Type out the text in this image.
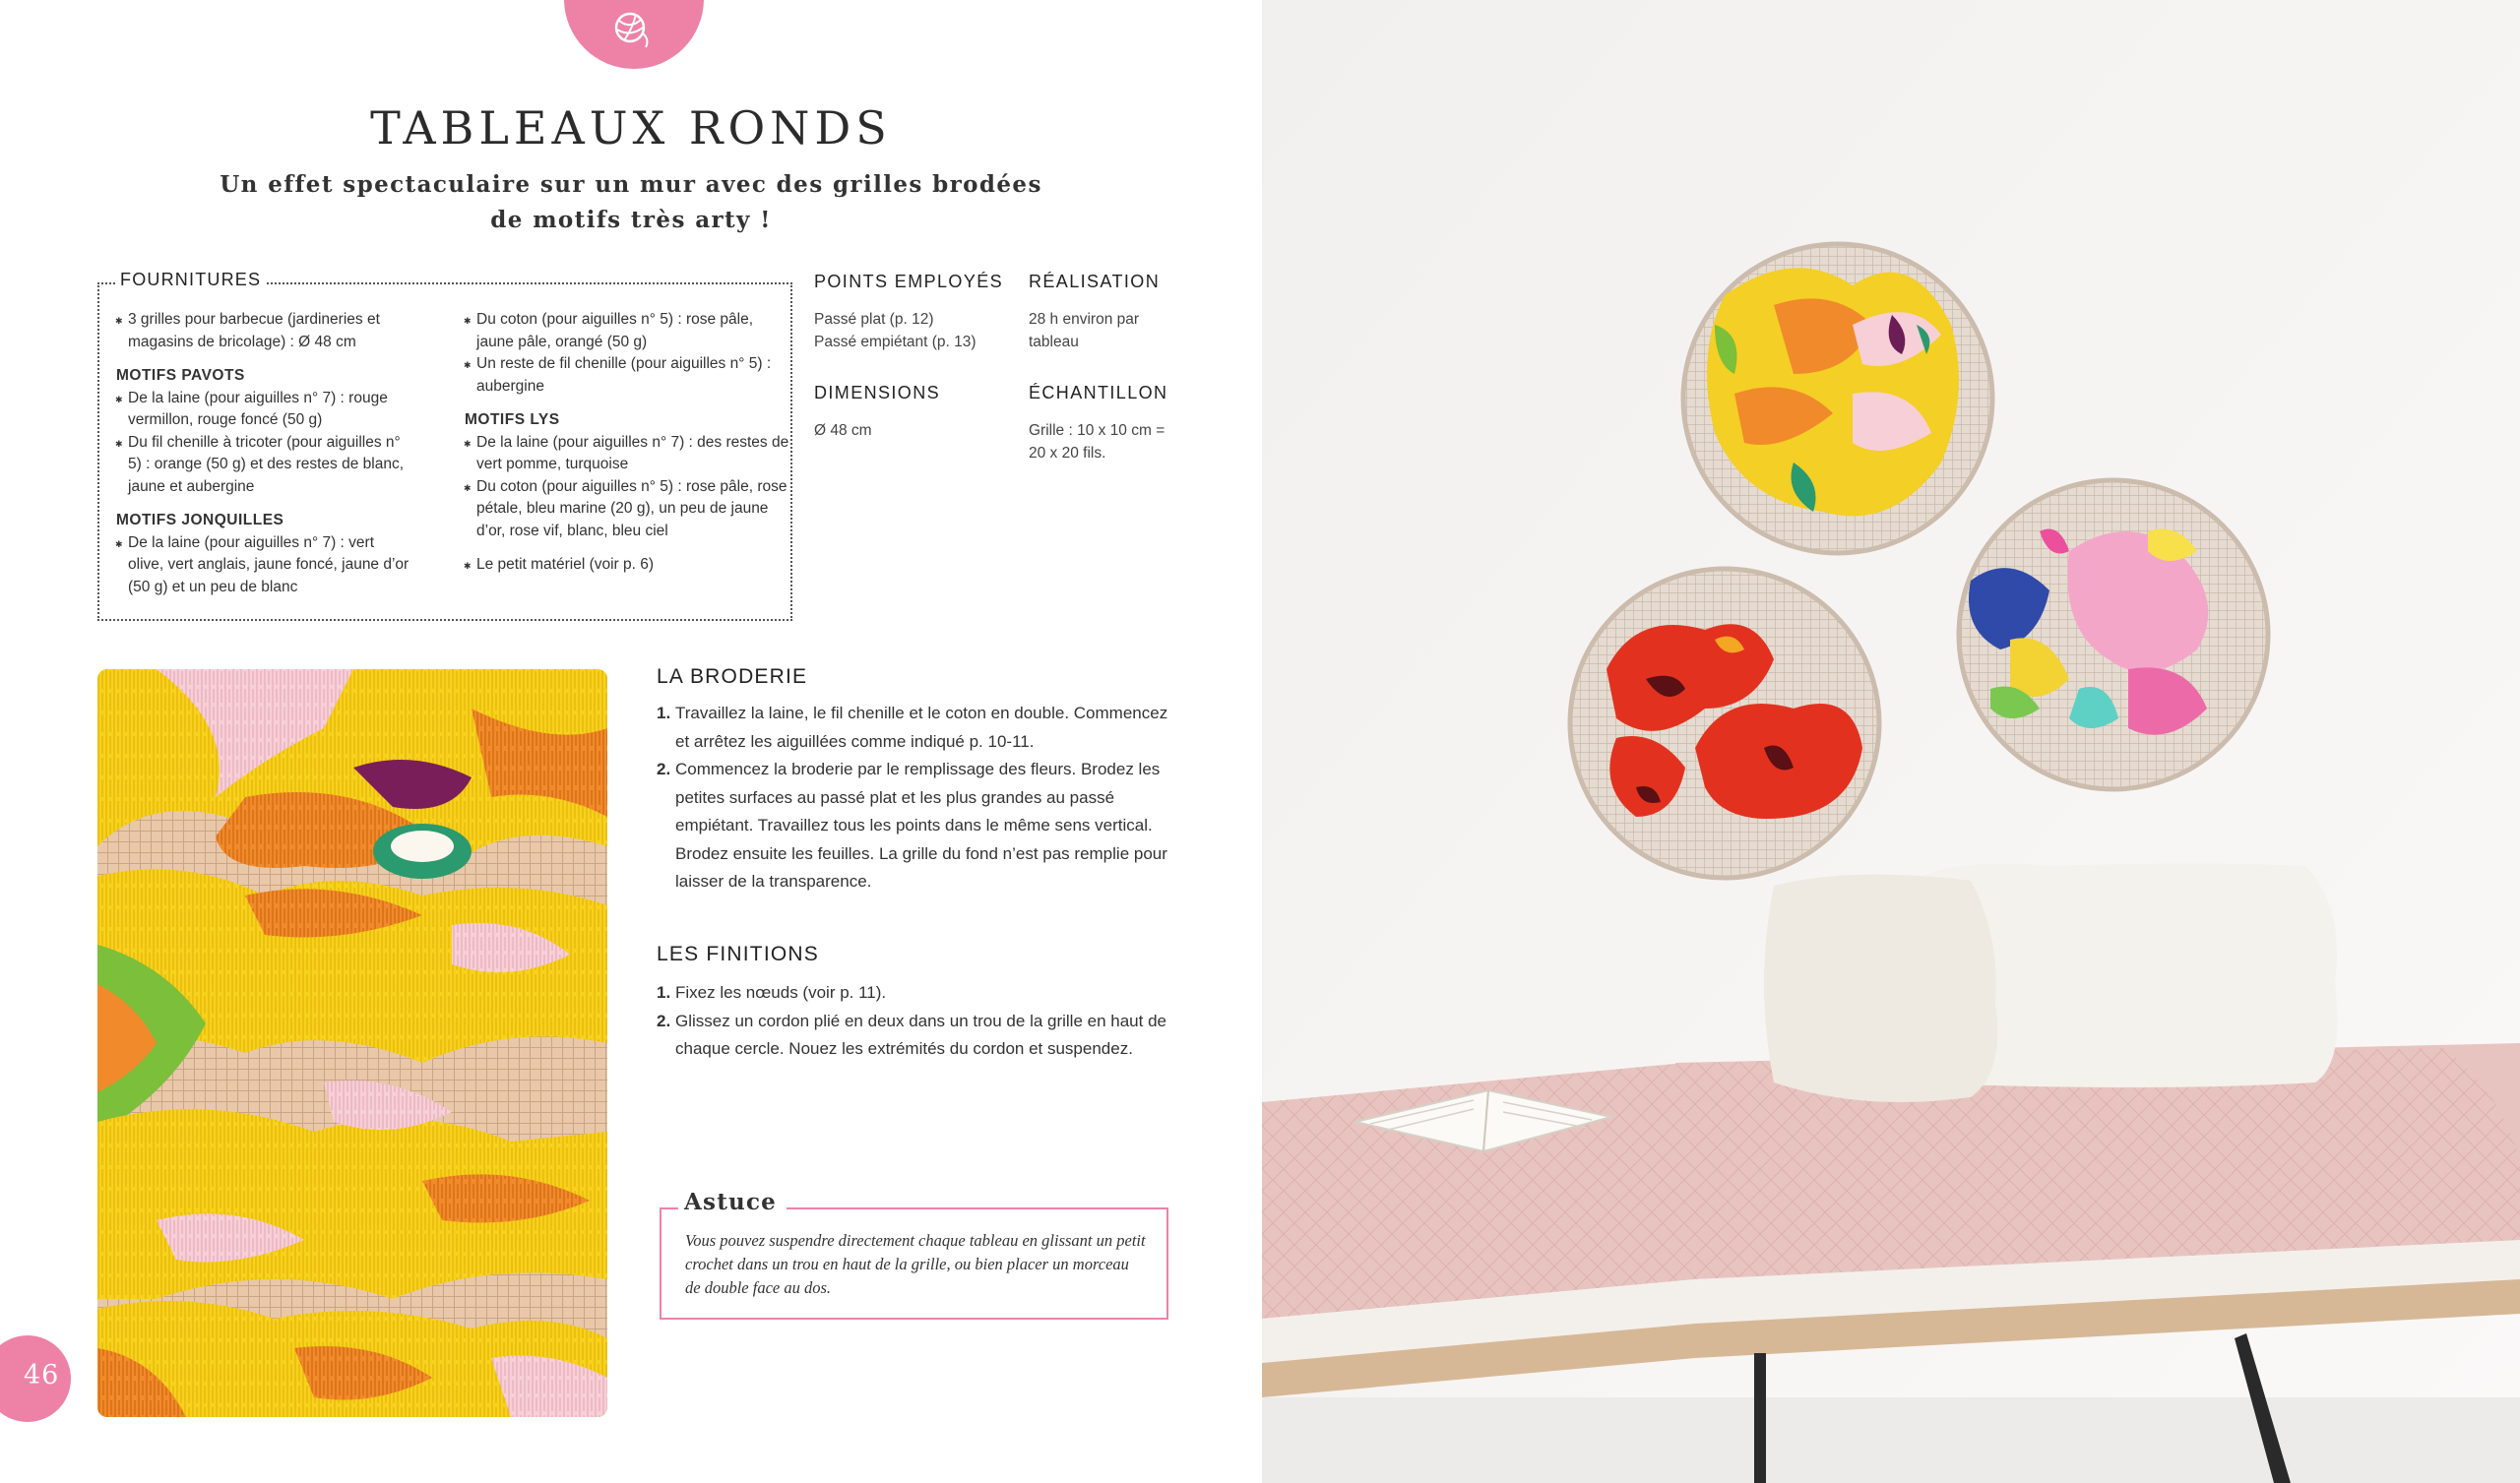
TABLEAUX RONDS
Un effet spectaculaire sur un mur avec des grilles brodées
de motifs très arty !
FOURNITURES
✱ 3 grilles pour barbecue (jardineries et magasins de bricolage) : Ø 48 cm
MOTIFS PAVOTS
✱ De la laine (pour aiguilles n° 7) : rouge vermillon, rouge foncé (50 g)
✱ Du fil chenille à tricoter (pour aiguilles n° 5) : orange (50 g) et des restes de blanc, jaune et aubergine
MOTIFS JONQUILLES
✱ De la laine (pour aiguilles n° 7) : vert olive, vert anglais, jaune foncé, jaune d’or (50 g) et un peu de blanc
✱ Du coton (pour aiguilles n° 5) : rose pâle, jaune pâle, orangé (50 g)
✱ Un reste de fil chenille (pour aiguilles n° 5) : aubergine
MOTIFS LYS
✱ De la laine (pour aiguilles n° 7) : des restes de vert pomme, turquoise
✱ Du coton (pour aiguilles n° 5) : rose pâle, rose pétale, bleu marine (20 g), un peu de jaune d’or, rose vif, blanc, bleu ciel
✱ Le petit matériel (voir p. 6)
POINTS EMPLOYÉS
Passé plat (p. 12)
Passé empiétant (p. 13)
RÉALISATION
28 h environ par
tableau
DIMENSIONS
Ø 48 cm
ÉCHANTILLON
Grille : 10 x 10 cm =
20 x 20 fils.
LA BRODERIE
1. Travaillez la laine, le fil chenille et le coton en double. Commencez et arrêtez les aiguillées comme indiqué p. 10-11.
2. Commencez la broderie par le remplissage des fleurs. Brodez les petites surfaces au passé plat et les plus grandes au passé empiétant. Travaillez tous les points dans le même sens vertical. Brodez ensuite les feuilles. La grille du fond n’est pas remplie pour laisser de la transparence.
LES FINITIONS
1. Fixez les nœuds (voir p. 11).
2. Glissez un cordon plié en deux dans un trou de la grille en haut de chaque cercle. Nouez les extrémités du cordon et suspendez.
Astuce
Vous pouvez suspendre directement chaque tableau en glissant un petit crochet dans un trou en haut de la grille, ou bien placer un morceau de double face au dos.
46
